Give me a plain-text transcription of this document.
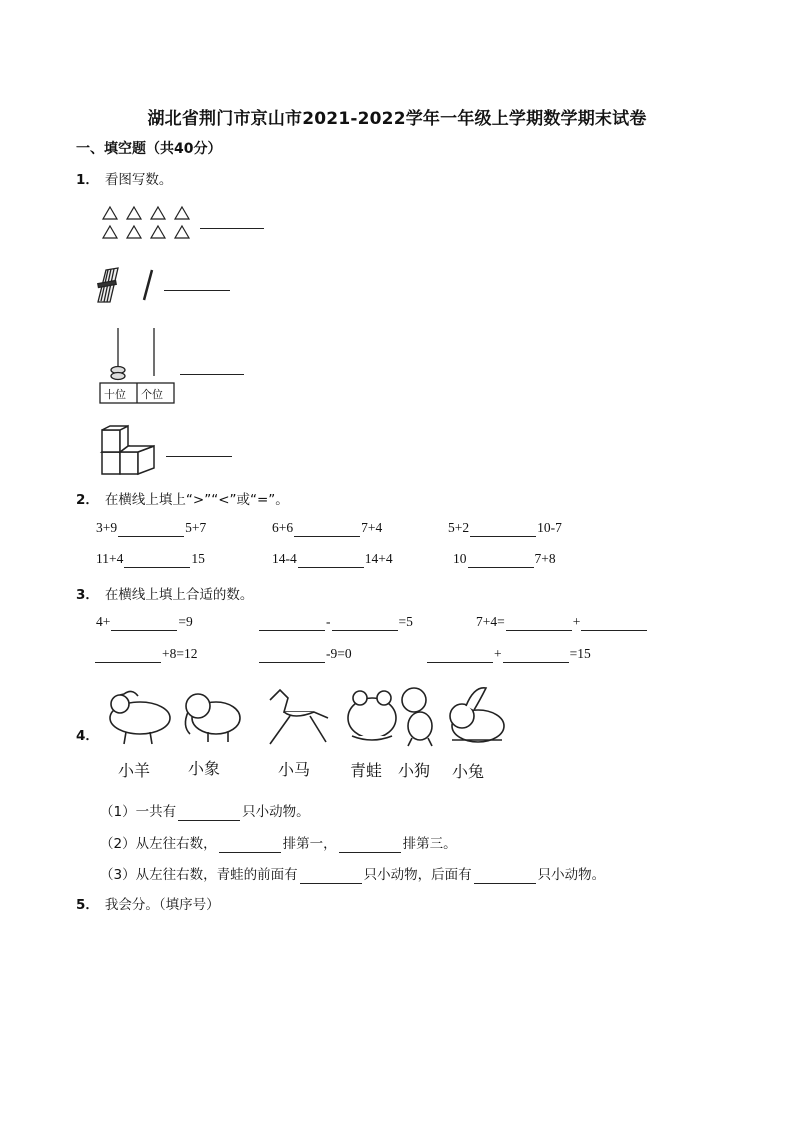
湖北省荆门市京山市2021-2022学年一年级上学期数学期末试卷
一、填空题（共40分）
1． 看图写数。
十位 个位
2． 在横线上填上“>”“<”或“=”。
3+9	5+7	6+6	7+4	5+2	10-7
11+4	15	14-4	14+4	10	7+8
3． 在横线上填上合适的数。
4+	=9	-	=5	7+4=	+
+8=12	-9=0	+	=15
4．
小羊 小象	小马 青蛙 小狗 小兔
（1）一共有	只小动物。
（2）从左往右数，	排第一，	排第三。
（3）从左往右数，青蛙的前面有	只小动物，后面有	只小动物。
5． 我会分。（填序号）
